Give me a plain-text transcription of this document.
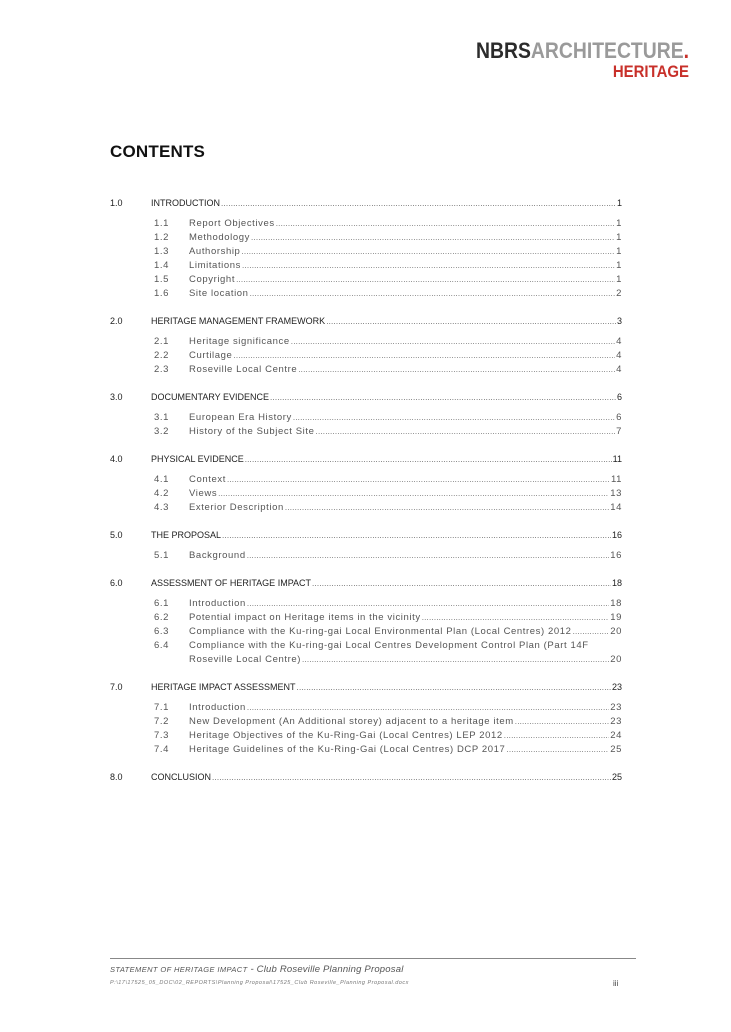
NBRSARCHITECTURE.
HERITAGE
CONTENTS
1.0	INTRODUCTION .....	1
1.1	Report Objectives .....	1
1.2	Methodology .....	1
1.3	Authorship .....	1
1.4	Limitations .....	1
1.5	Copyright .....	1
1.6	Site location .....	2
2.0	HERITAGE MANAGEMENT FRAMEWORK .....	3
2.1	Heritage significance .....	4
2.2	Curtilage .....	4
2.3	Roseville Local Centre .....	4
3.0	DOCUMENTARY EVIDENCE .....	6
3.1	European Era History .....	6
3.2	History of the Subject Site .....	7
4.0	PHYSICAL EVIDENCE .....	11
4.1	Context .....	11
4.2	Views .....	13
4.3	Exterior Description .....	14
5.0	THE PROPOSAL .....	16
5.1	Background .....	16
6.0	ASSESSMENT OF HERITAGE IMPACT .....	18
6.1	Introduction .....	18
6.2	Potential impact on Heritage items in the vicinity .....	19
6.3	Compliance with the Ku-ring-gai Local Environmental Plan (Local Centres) 2012 .....	20
6.4	Compliance with the Ku-ring-gai Local Centres Development Control Plan (Part 14F
Roseville Local Centre) .....	20
7.0	HERITAGE IMPACT ASSESSMENT .....	23
7.1	Introduction .....	23
7.2	New Development (An Additional storey) adjacent to a heritage item .....	23
7.3	Heritage Objectives of the Ku-Ring-Gai (Local Centres) LEP 2012 .....	24
7.4	Heritage Guidelines of the Ku-Ring-Gai (Local Centres) DCP 2017 .....	25
8.0	CONCLUSION .....	25
STATEMENT OF HERITAGE IMPACT - Club Roseville Planning Proposal
P:\17\17525_05_DOC\02_REPORTS\Planning Proposal\17525_Club Roseville_Planning Proposal.docx	iii
